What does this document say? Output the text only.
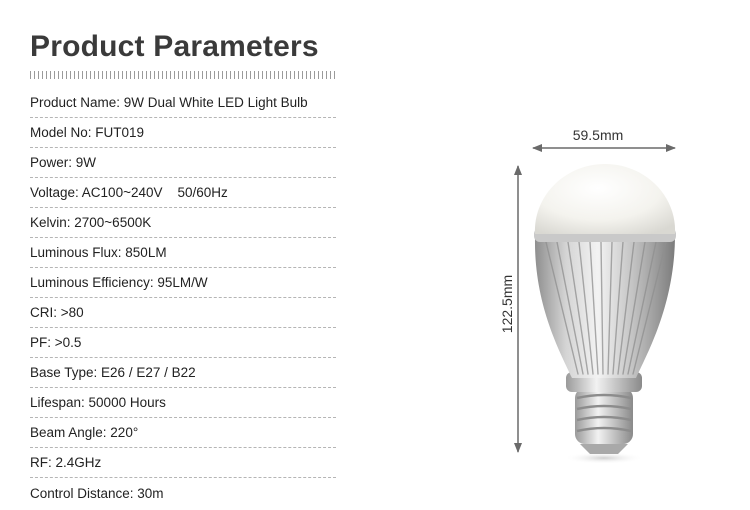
Product Parameters
Product Name: 9W Dual White LED Light Bulb
Model No: FUT019
Power: 9W
Voltage: AC100~240V    50/60Hz
Kelvin: 2700~6500K
Luminous Flux: 850LM
Luminous Efficiency: 95LM/W
CRI: >80
PF: >0.5
Base Type: E26 / E27 / B22
Lifespan: 50000 Hours
Beam Angle: 220°
RF: 2.4GHz
Control Distance: 30m
59.5mm
122.5mm
